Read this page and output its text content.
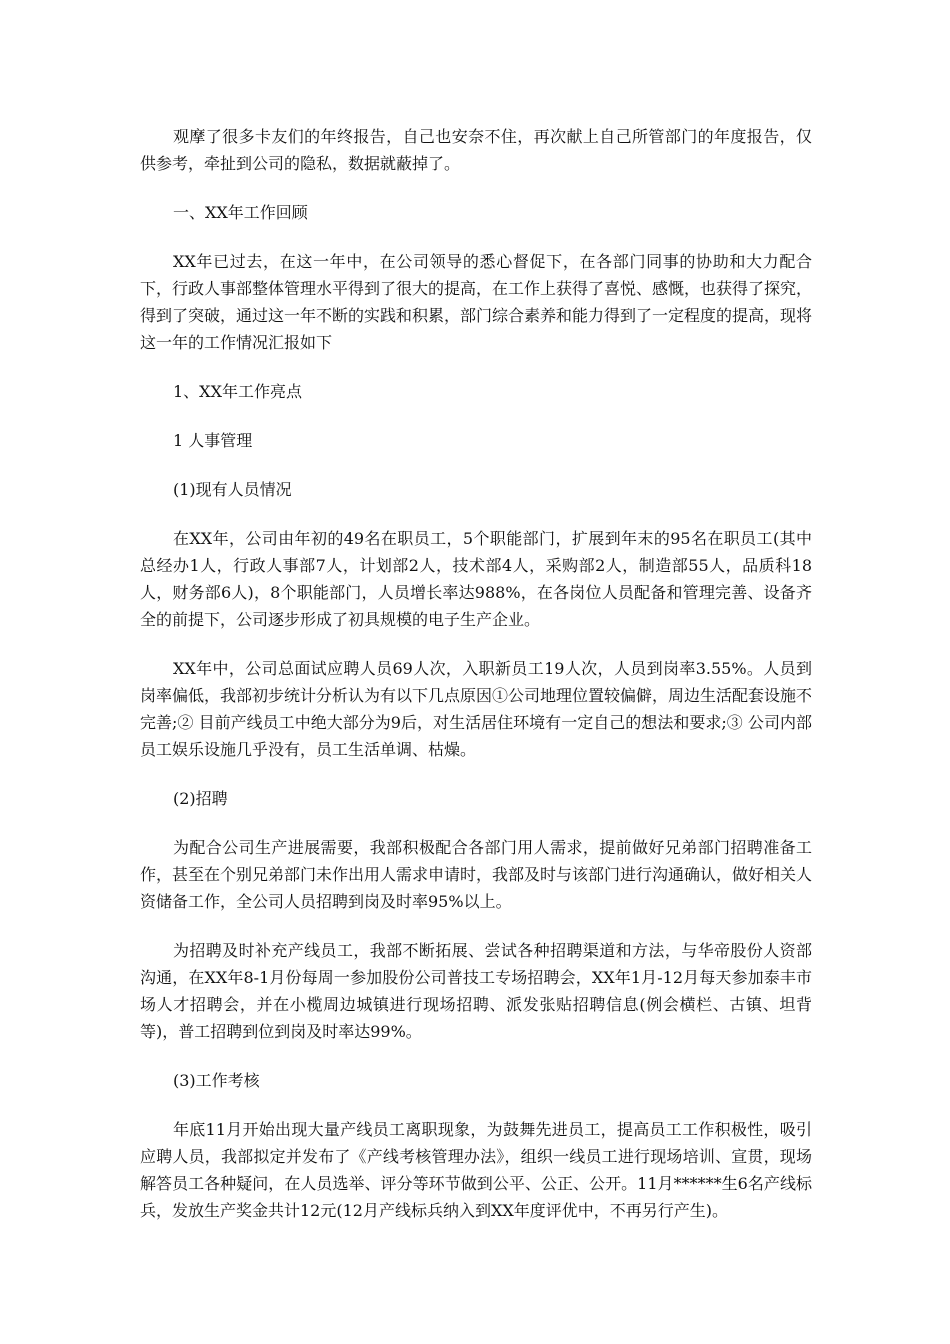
观摩了很多卡友们的年终报告，自己也安奈不住，再次献上自己所管部门的年度报告，仅供参考，牵扯到公司的隐私，数据就蔽掉了。

一、XX年工作回顾

XX年已过去，在这一年中，在公司领导的悉心督促下，在各部门同事的协助和大力配合下，行政人事部整体管理水平得到了很大的提高，在工作上获得了喜悦、感慨，也获得了探究，得到了突破，通过这一年不断的实践和积累，部门综合素养和能力得到了一定程度的提高，现将这一年的工作情况汇报如下

1、XX年工作亮点

1 人事管理

(1)现有人员情况

在XX年，公司由年初的49名在职员工，5个职能部门，扩展到年末的95名在职员工(其中总经办1人，行政人事部7人，计划部2人，技术部4人，采购部2人，制造部55人，品质科18人，财务部6人)，8个职能部门，人员增长率达988%，在各岗位人员配备和管理完善、设备齐全的前提下，公司逐步形成了初具规模的电子生产企业。

XX年中，公司总面试应聘人员69人次，入职新员工19人次，人员到岗率3.55%。人员到岗率偏低，我部初步统计分析认为有以下几点原因①公司地理位置较偏僻，周边生活配套设施不完善;② 目前产线员工中绝大部分为9后，对生活居住环境有一定自己的想法和要求;③ 公司内部员工娱乐设施几乎没有，员工生活单调、枯燥。

(2)招聘

为配合公司生产进展需要，我部积极配合各部门用人需求，提前做好兄弟部门招聘准备工作，甚至在个别兄弟部门未作出用人需求申请时，我部及时与该部门进行沟通确认，做好相关人资储备工作，全公司人员招聘到岗及时率95%以上。

为招聘及时补充产线员工，我部不断拓展、尝试各种招聘渠道和方法，与华帝股份人资部沟通，在XX年8-1月份每周一参加股份公司普技工专场招聘会，XX年1月-12月每天参加泰丰市场人才招聘会，并在小榄周边城镇进行现场招聘、派发张贴招聘信息(例会横栏、古镇、坦背等)，普工招聘到位到岗及时率达99%。

(3)工作考核

年底11月开始出现大量产线员工离职现象，为鼓舞先进员工，提高员工工作积极性，吸引应聘人员，我部拟定并发布了《产线考核管理办法》，组织一线员工进行现场培训、宣贯，现场解答员工各种疑问，在人员选举、评分等环节做到公平、公正、公开。11月******生6名产线标兵，发放生产奖金共计12元(12月产线标兵纳入到XX年度评优中，不再另行产生)。
